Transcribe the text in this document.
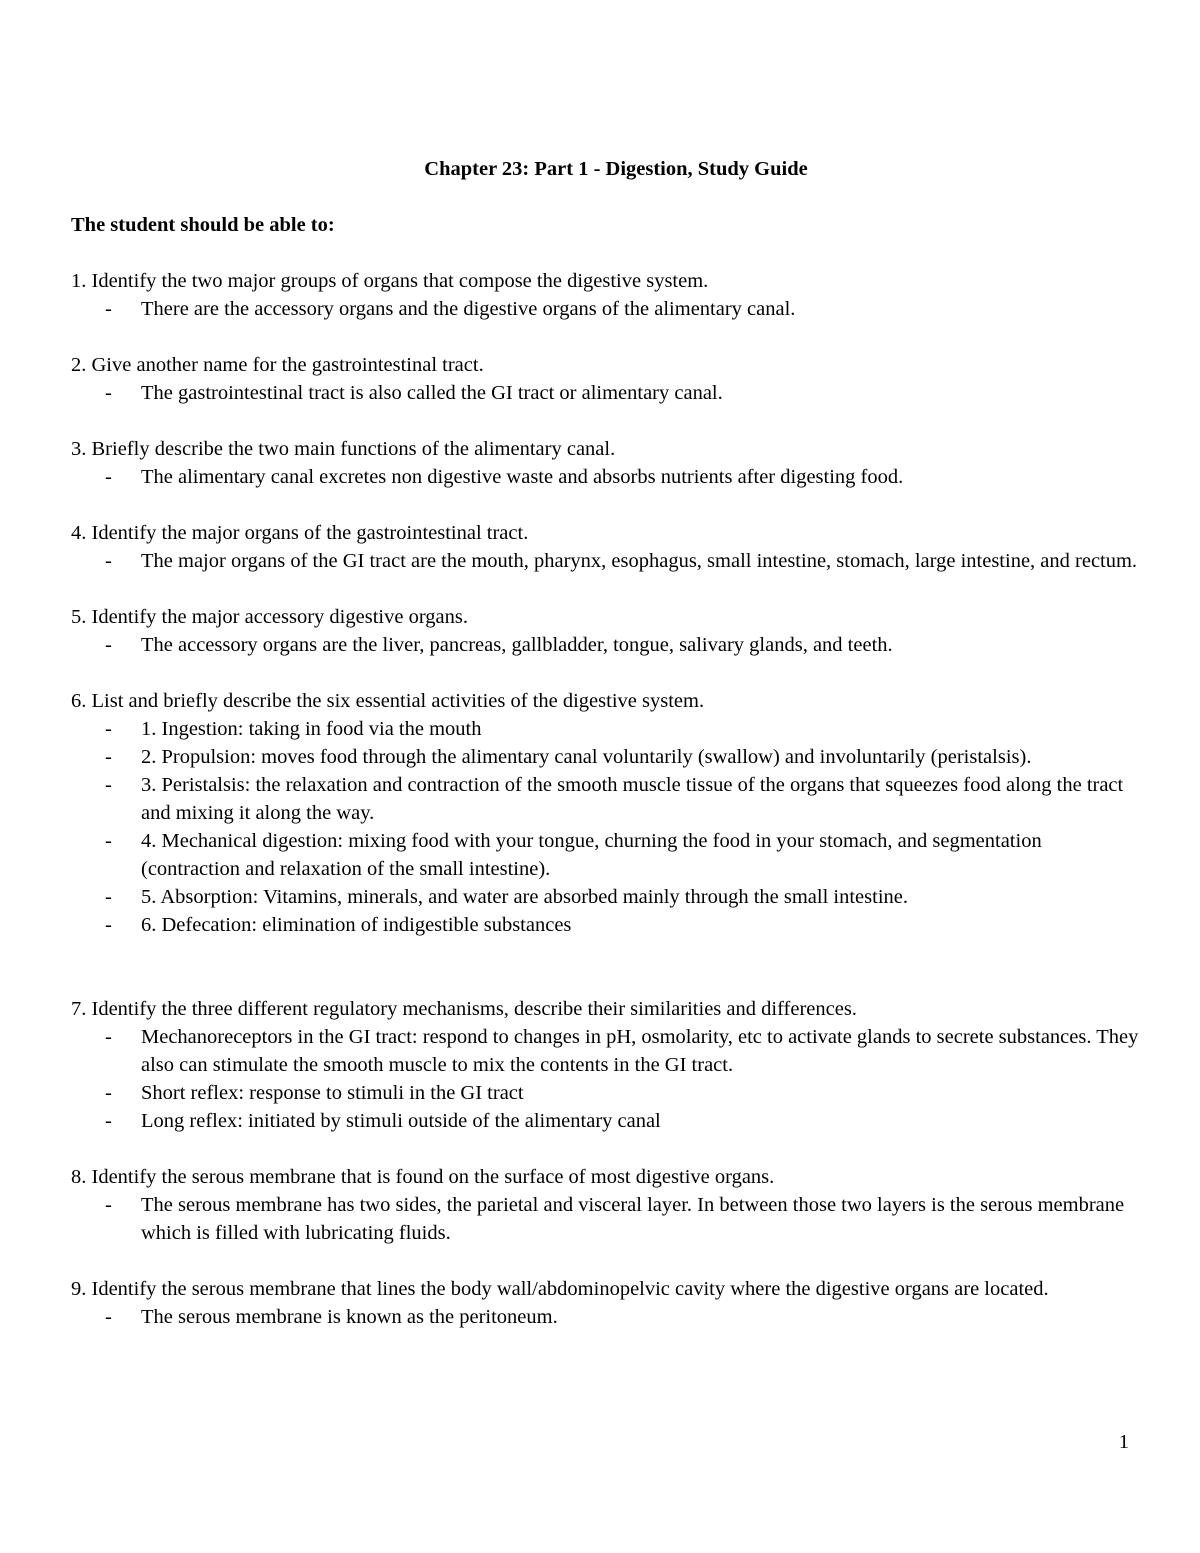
Chapter 23: Part 1 - Digestion, Study Guide

The student should be able to:

1. Identify the two major groups of organs that compose the digestive system.

- There are the accessory organs and the digestive organs of the alimentary canal.

2. Give another name for the gastrointestinal tract.

- The gastrointestinal tract is also called the GI tract or alimentary canal.

3. Briefly describe the two main functions of the alimentary canal.

- The alimentary canal excretes non digestive waste and absorbs nutrients after digesting food.

4. Identify the major organs of the gastrointestinal tract.

- The major organs of the GI tract are the mouth, pharynx, esophagus, small intestine, stomach, large intestine, and rectum.

5. Identify the major accessory digestive organs.

- The accessory organs are the liver, pancreas, gallbladder, tongue, salivary glands, and teeth.

6. List and briefly describe the six essential activities of the digestive system.

- 1. Ingestion: taking in food via the mouth
- 2. Propulsion: moves food through the alimentary canal voluntarily (swallow) and involuntarily (peristalsis).
- 3. Peristalsis: the relaxation and contraction of the smooth muscle tissue of the organs that squeezes food along the tract and mixing it along the way.
- 4. Mechanical digestion: mixing food with your tongue, churning the food in your stomach, and segmentation (contraction and relaxation of the small intestine).
- 5. Absorption: Vitamins, minerals, and water are absorbed mainly through the small intestine.
- 6. Defecation: elimination of indigestible substances

7. Identify the three different regulatory mechanisms, describe their similarities and differences.

- Mechanoreceptors in the GI tract: respond to changes in pH, osmolarity, etc to activate glands to secrete substances. They also can stimulate the smooth muscle to mix the contents in the GI tract.
- Short reflex: response to stimuli in the GI tract
- Long reflex: initiated by stimuli outside of the alimentary canal

8. Identify the serous membrane that is found on the surface of most digestive organs.

- The serous membrane has two sides, the parietal and visceral layer. In between those two layers is the serous membrane which is filled with lubricating fluids.

9. Identify the serous membrane that lines the body wall/abdominopelvic cavity where the digestive organs are located.

- The serous membrane is known as the peritoneum.
1
